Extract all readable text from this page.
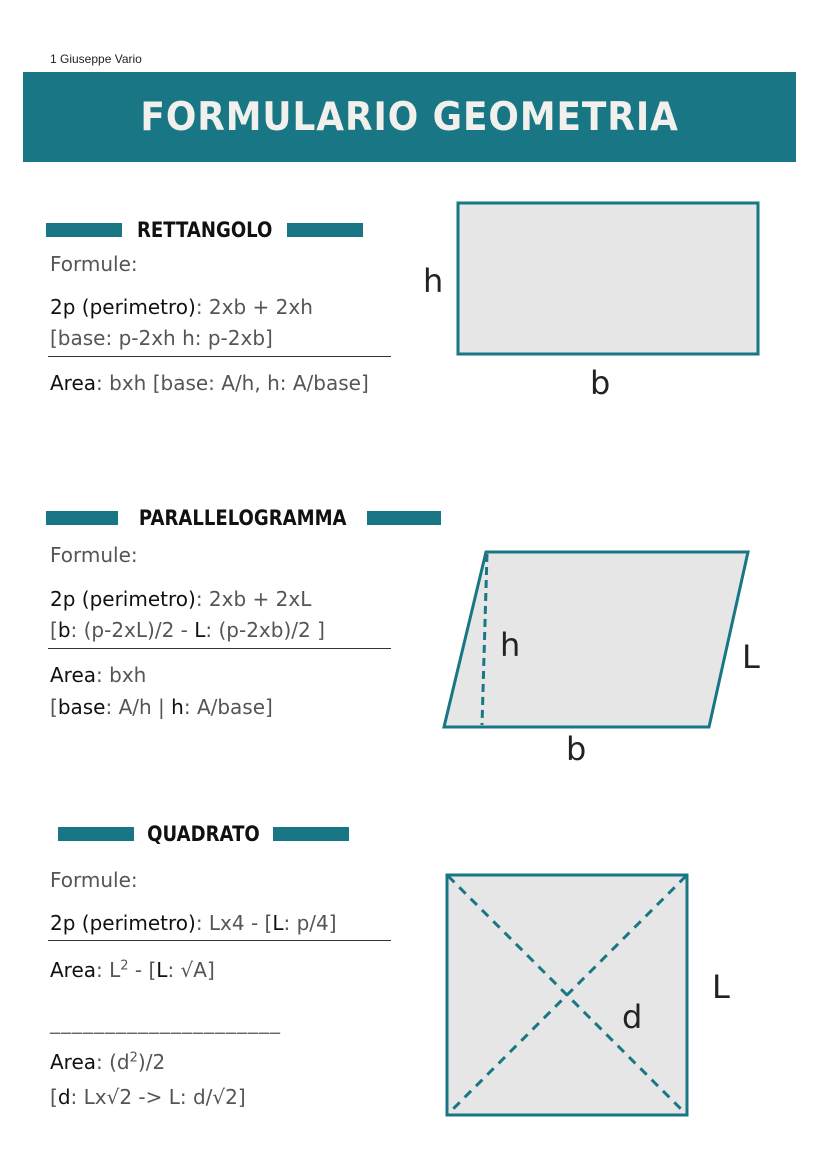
1 Giuseppe Vario
FORMULARIO GEOMETRIA
RETTANGOLO
Formule:
2p (perimetro): 2xb + 2xh
[base: p-2xh h: p-2xb]
Area: bxh [base: A/h, h: A/base]
h
b
PARALLELOGRAMMA
Formule:
2p (perimetro): 2xb + 2xL
[b: (p-2xL)/2 - L: (p-2xb)/2 ]
Area: bxh
[base: A/h | h: A/base]
h	L
b
QUADRATO
Formule:
2p (perimetro): Lx4 - [L: p/4]
Area: $L^2 - [L$: √A]
_____________________
Area: $(d^2)/2$
[d: Lx√2 -> L: d/√2]
L
d
